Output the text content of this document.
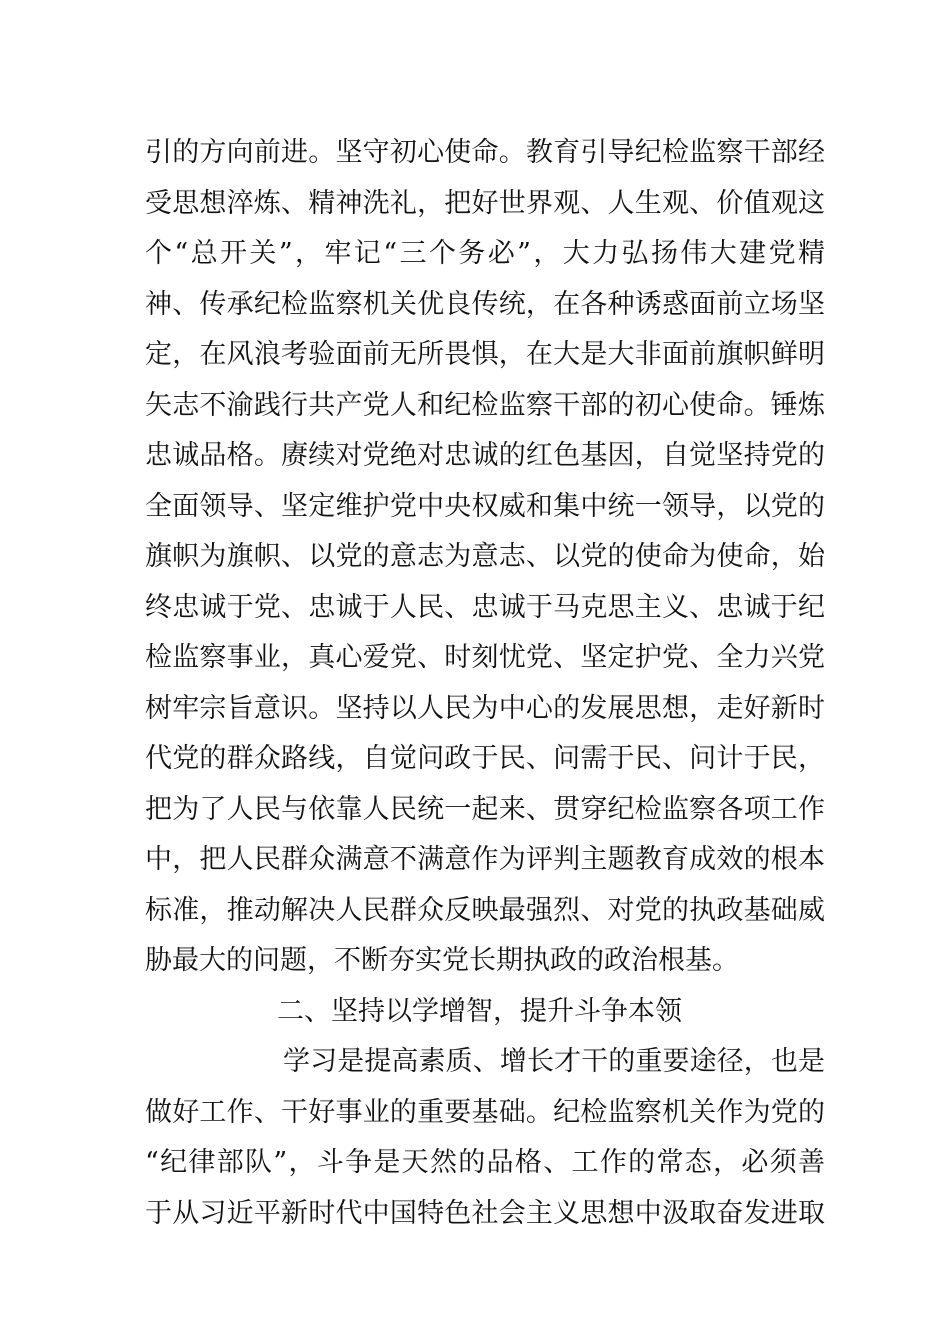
引的方向前进。坚守初心使命。教育引导纪检监察干部经
受思想淬炼、精神洗礼，把好世界观、人生观、价值观这
个“总开关”，牢记“三个务必”，大力弘扬伟大建党精
神、传承纪检监察机关优良传统，在各种诱惑面前立场坚
定，在风浪考验面前无所畏惧，在大是大非面前旗帜鲜明
矢志不渝践行共产党人和纪检监察干部的初心使命。锤炼
忠诚品格。赓续对党绝对忠诚的红色基因，自觉坚持党的
全面领导、坚定维护党中央权威和集中统一领导，以党的
旗帜为旗帜、以党的意志为意志、以党的使命为使命，始
终忠诚于党、忠诚于人民、忠诚于马克思主义、忠诚于纪
检监察事业，真心爱党、时刻忧党、坚定护党、全力兴党
树牢宗旨意识。坚持以人民为中心的发展思想，走好新时
代党的群众路线，自觉问政于民、问需于民、问计于民，
把为了人民与依靠人民统一起来、贯穿纪检监察各项工作
中，把人民群众满意不满意作为评判主题教育成效的根本
标准，推动解决人民群众反映最强烈、对党的执政基础威
胁最大的问题，不断夯实党长期执政的政治根基。
二、坚持以学增智，提升斗争本领
学习是提高素质、增长才干的重要途径，也是
做好工作、干好事业的重要基础。纪检监察机关作为党的
“纪律部队”，斗争是天然的品格、工作的常态，必须善
于从习近平新时代中国特色社会主义思想中汲取奋发进取
